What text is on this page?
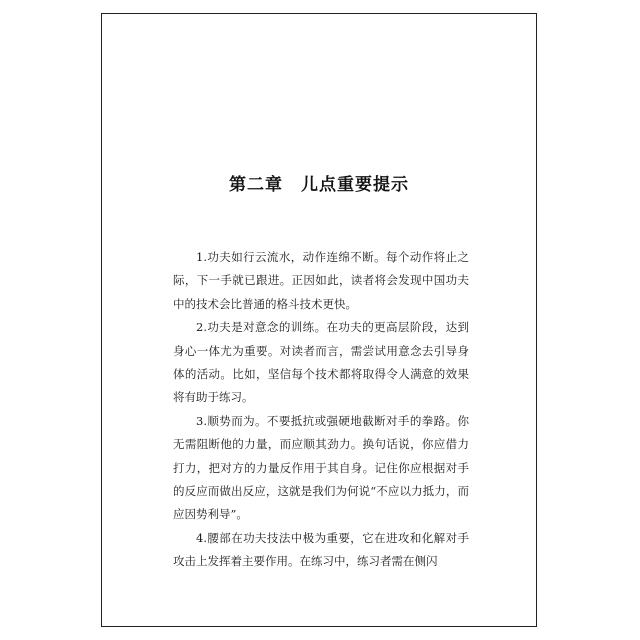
第二章　儿点重要提示

1.功夫如行云流水，动作连绵不断。每个动作将止之际，下一手就已跟进。正因如此，读者将会发现中国功夫中的技术会比普通的格斗技术更快。

2.功夫是对意念的训练。在功夫的更高层阶段，达到身心一体尤为重要。对读者而言，需尝试用意念去引导身体的活动。比如，坚信每个技术都将取得令人满意的效果将有助于练习。

3.顺势而为。不要抵抗或强硬地截断对手的拳路。你无需阻断他的力量，而应顺其劲力。换句话说，你应借力打力，把对方的力量反作用于其自身。记住你应根据对手的反应而做出反应，这就是我们为何说“不应以力抵力，而应因势利导”。

4.腰部在功夫技法中极为重要，它在进攻和化解对手攻击上发挥着主要作用。在练习中，练习者需在侧闪
